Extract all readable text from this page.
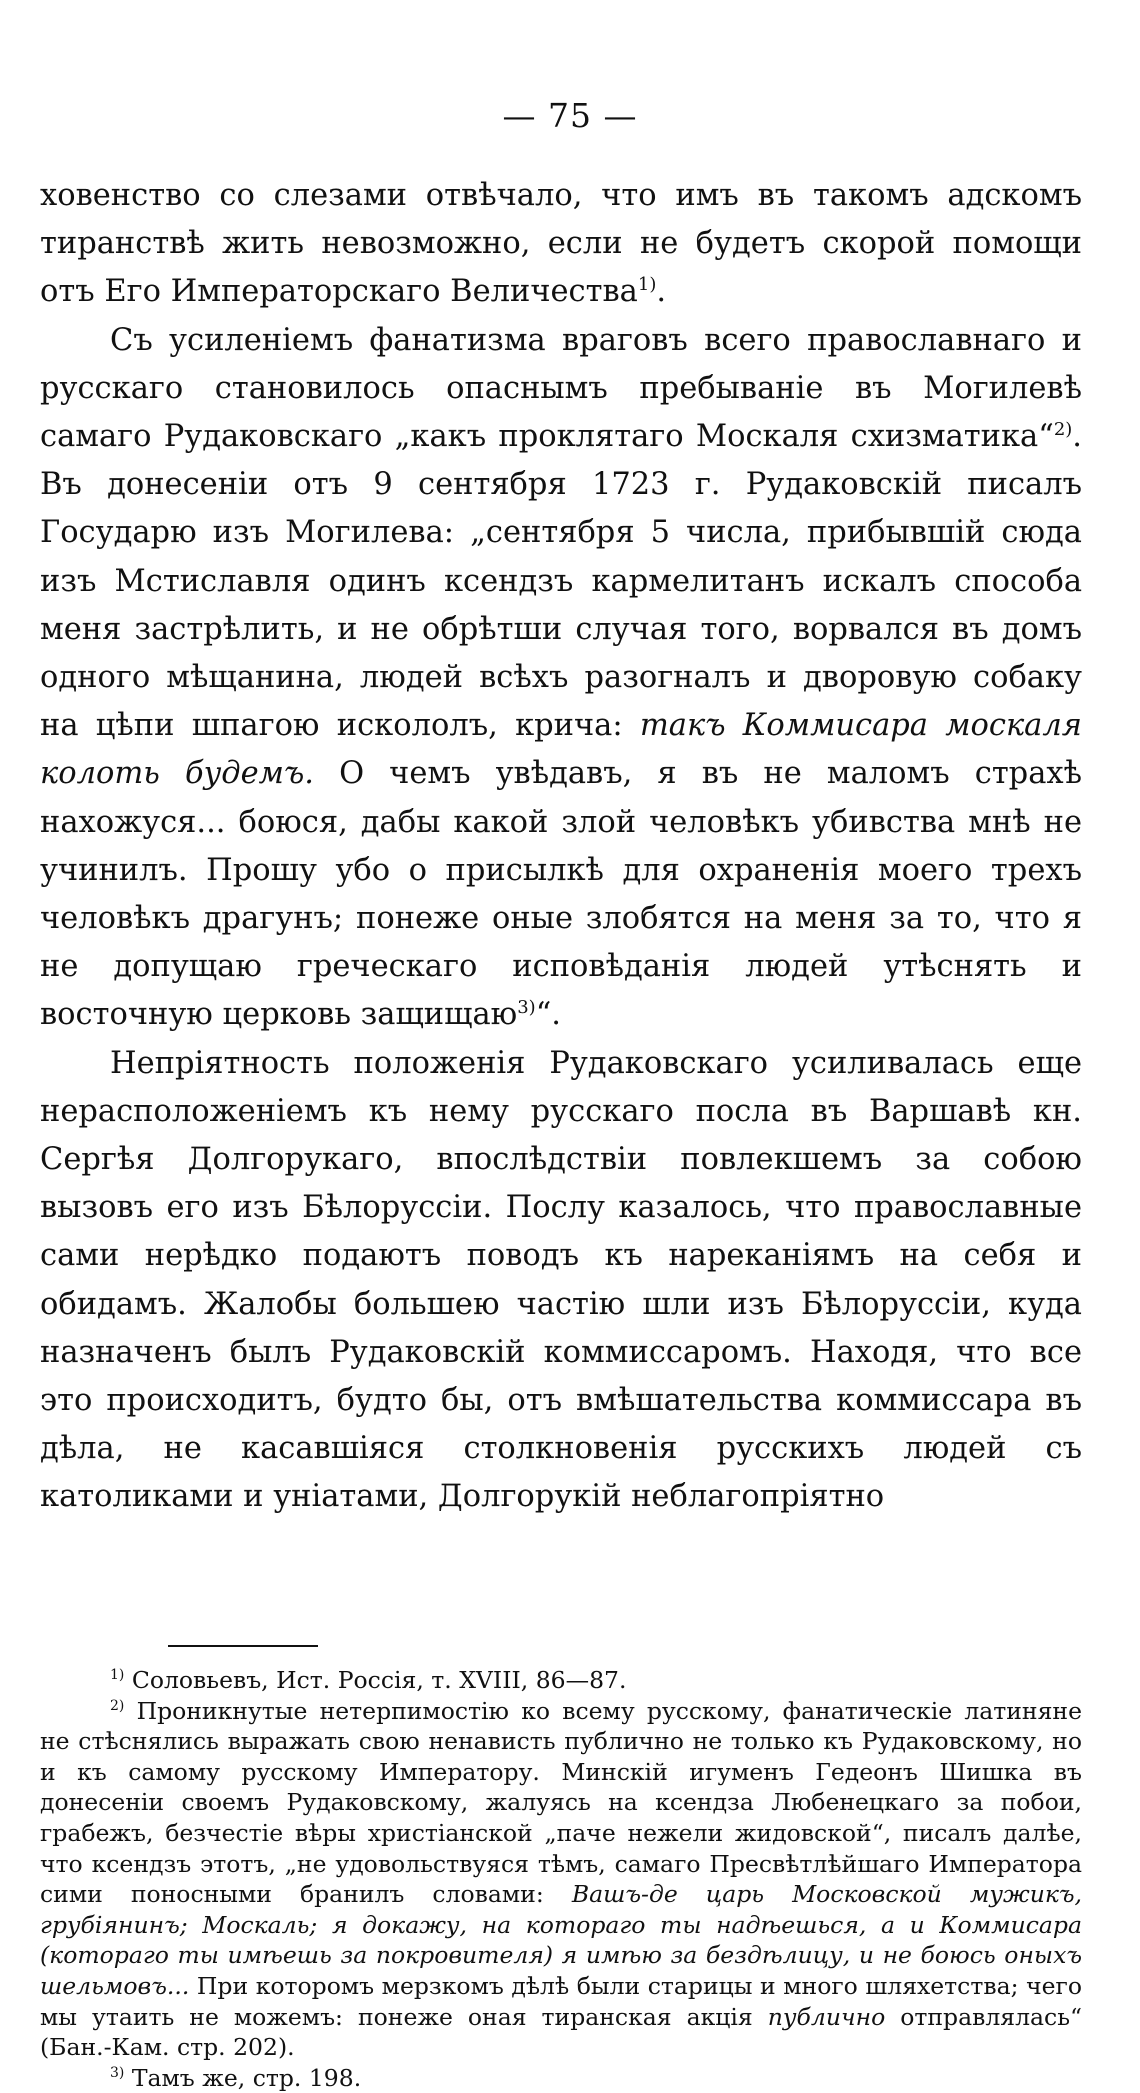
— 75 —

ховенство со слезами отвѣчало, что имъ въ такомъ адскомъ тиранствѣ жить невозможно, если не будетъ скорой помощи отъ Его Императорскаго Величества$^{1)}$.

Съ усиленіемъ фанатизма враговъ всего православнаго и русскаго становилось опаснымъ пребываніе въ Могилевѣ самаго Рудаковскаго „какъ проклятаго Москаля схизматика“$^{2)}$. Въ донесеніи отъ 9 сентября 1723 г. Рудаковскій писалъ Государю изъ Могилева: „сентября 5 числа, прибывшій сюда изъ Мстиславля одинъ ксендзъ кармелитанъ искалъ способа меня застрѣлить, и не обрѣтши случая того, ворвался въ домъ одного мѣщанина, людей всѣхъ разогналъ и дворовую собаку на цѣпи шпагою искололъ, крича: такъ Коммисара москаля колоть будемъ. О чемъ увѣдавъ, я въ не маломъ страхѣ нахожуся... боюся, дабы какой злой человѣкъ убивства мнѣ не учинилъ. Прошу убо о присылкѣ для охраненія моего трехъ человѣкъ драгунъ; понеже оные злобятся на меня за то, что я не допущаю греческаго исповѣданія людей утѣснять и восточную церковь защищаю$^{3)}$“.

Непріятность положенія Рудаковскаго усиливалась еще нерасположеніемъ къ нему русскаго посла въ Варшавѣ кн. Сергѣя Долгорукаго, впослѣдствіи повлекшемъ за собою вызовъ его изъ Бѣлоруссіи. Послу казалось, что православные сами нерѣдко подаютъ поводъ къ нареканіямъ на себя и обидамъ. Жалобы большею частію шли изъ Бѣлоруссіи, куда назначенъ былъ Рудаковскій коммиссаромъ. Находя, что все это происходитъ, будто бы, отъ вмѣшательства коммиссара въ дѣла, не касавшіяся столкновенія русскихъ людей съ католиками и уніатами, Долгорукій неблагопріятно

$^{1)}$ Соловьевъ, Ист. Россія, т. XVIII, 86—87.

$^{2)}$ Проникнутые нетерпимостію ко всему русскому, фанатическіе латиняне не стѣснялись выражать свою ненависть публично не только къ Рудаковскому, но и къ самому русскому Императору. Минскій игуменъ Гедеонъ Шишка въ донесеніи своемъ Рудаковскому, жалуясь на ксендза Любенецкаго за побои, грабежъ, безчестіе вѣры христіанской „паче нежели жидовской“, писалъ далѣе, что ксендзъ этотъ, „не удовольствуяся тѣмъ, самаго Пресвѣтлѣйшаго Императора сими поносными бранилъ словами: Вашъ-де царь Московской мужикъ, грубіянинъ; Москаль; я докажу, на котораго ты надѣешься, а и Коммисара (котораго ты имѣешь за покровителя) я имѣю за бездѣлицу, и не боюсь оныхъ шельмовъ... При которомъ мерзкомъ дѣлѣ были старицы и много шляхетства; чего мы утаить не можемъ: понеже оная тиранская акція публично отправлялась“ (Бан.-Кам. стр. 202).

$^{3)}$ Тамъ же, стр. 198.
